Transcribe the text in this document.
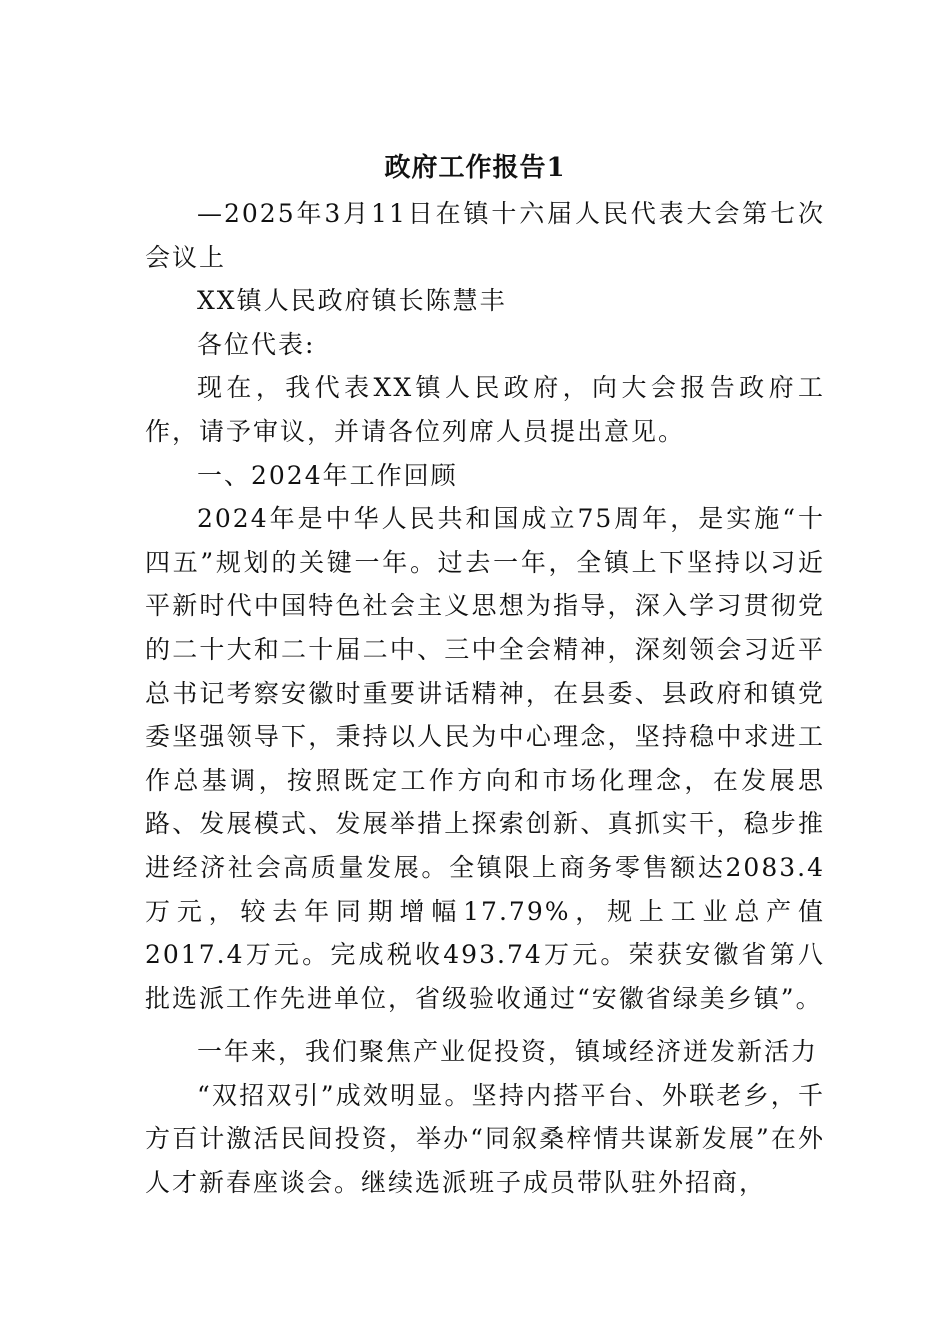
政府工作报告1

—2025年3月11日在镇十六届人民代表大会第七次会议上

XX镇人民政府镇长陈慧丰

各位代表:

现在，我代表XX镇人民政府，向大会报告政府工作，请予审议，并请各位列席人员提出意见。

一、2024年工作回顾

2024年是中华人民共和国成立75周年，是实施“十四五”规划的关键一年。过去一年，全镇上下坚持以习近平新时代中国特色社会主义思想为指导，深入学习贯彻党的二十大和二十届二中、三中全会精神，深刻领会习近平总书记考察安徽时重要讲话精神，在县委、县政府和镇党委坚强领导下，秉持以人民为中心理念，坚持稳中求进工作总基调，按照既定工作方向和市场化理念，在发展思路、发展模式、发展举措上探索创新、真抓实干，稳步推进经济社会高质量发展。全镇限上商务零售额达2083.4万元，较去年同期增幅17.79%，规上工业总产值2017.4万元。完成税收493.74万元。荣获安徽省第八批选派工作先进单位，省级验收通过“安徽省绿美乡镇”。

一年来，我们聚焦产业促投资，镇域经济迸发新活力

“双招双引”成效明显。坚持内搭平台、外联老乡，千方百计激活民间投资，举办“同叙桑梓情共谋新发展”在外人才新春座谈会。继续选派班子成员带队驻外招商，
